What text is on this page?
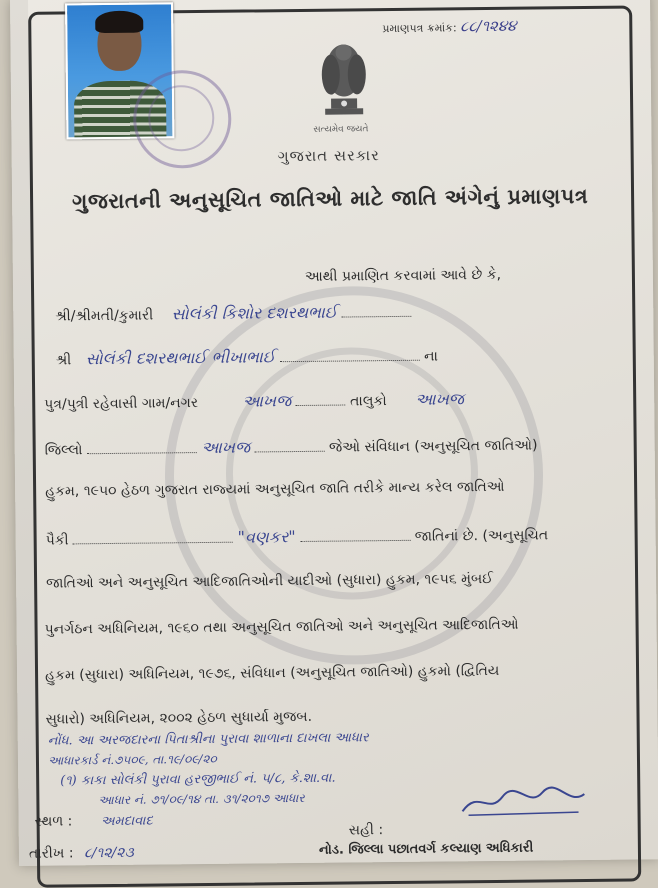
પ્રમાણપત્ર ક્રમાંક: ૮૮/૧૨૪૪
સત્યમેવ જયતે
ગુજરાત સરકાર
ગુજરાતની અનુસૂચિત જાતિઓ માટે જાતિ અંગેનું પ્રમાણપત્ર
આથી પ્રમાણિત કરવામાં આવે છે કે,
શ્રી/શ્રીમતી/કુમારી સોલંકી કિશોર દશરથભાઈ
શ્રી સોલંકી દશરથભાઈ ભીખાભાઈ	ના
પુત્ર/પુત્રી રહેવાસી ગામ/નગર	આખજ	તાલુકો આખજ
જિલ્લો	આખજ	જેઓ સંવિધાન (અનુસૂચિત જાતિઓ)
હુકમ, ૧૯૫૦ હેઠળ ગુજરાત રાજ્યમાં અનુસૂચિત જાતિ તરીકે માન્ય કરેલ જાતિઓ
પૈકી	"વણકર"	જાતિનાં છે. (અનુસૂચિત
જાતિઓ અને અનુસૂચિત આદિજાતિઓની યાદીઓ (સુધારા) હુકમ, ૧૯૫૬ મુંબઈ
પુનર્ગઠન અધિનિયમ, ૧૯૬૦ તથા અનુસૂચિત જાતિઓ અને અનુસૂચિત આદિજાતિઓ
હુકમ (સુધારા) અધિનિયમ, ૧૯૭૬, સંવિધાન (અનુસૂચિત જાતિઓ) હુકમો (દ્વિતિય
સુધારો) અધિનિયમ, ૨૦૦૨ હેઠળ સુધાર્યા મુજબ.
નોંધ. આ અરજદારના પિતાશ્રીના પુરાવા શાળાના દાખલા આધાર
આધારકાર્ડ નં.૭૫૦૯, તા.૧૯/૦૯/૨૦
(૧) કાકા સોલંકી પુરાવા હરજીભાઈ નં. ૫/૮, કે.શા.વા.
આધાર નં. ૭૧/૦૯/૧૪ તા. ૩૧/૨૦૧૭ આધાર
સ્થળ : અમદાવાદ
સહી :
તારીખ : ૮/૧૨/૨૩	નોડ. જિલ્લા પછાતવર્ગ કલ્યાણ અધિકારી
